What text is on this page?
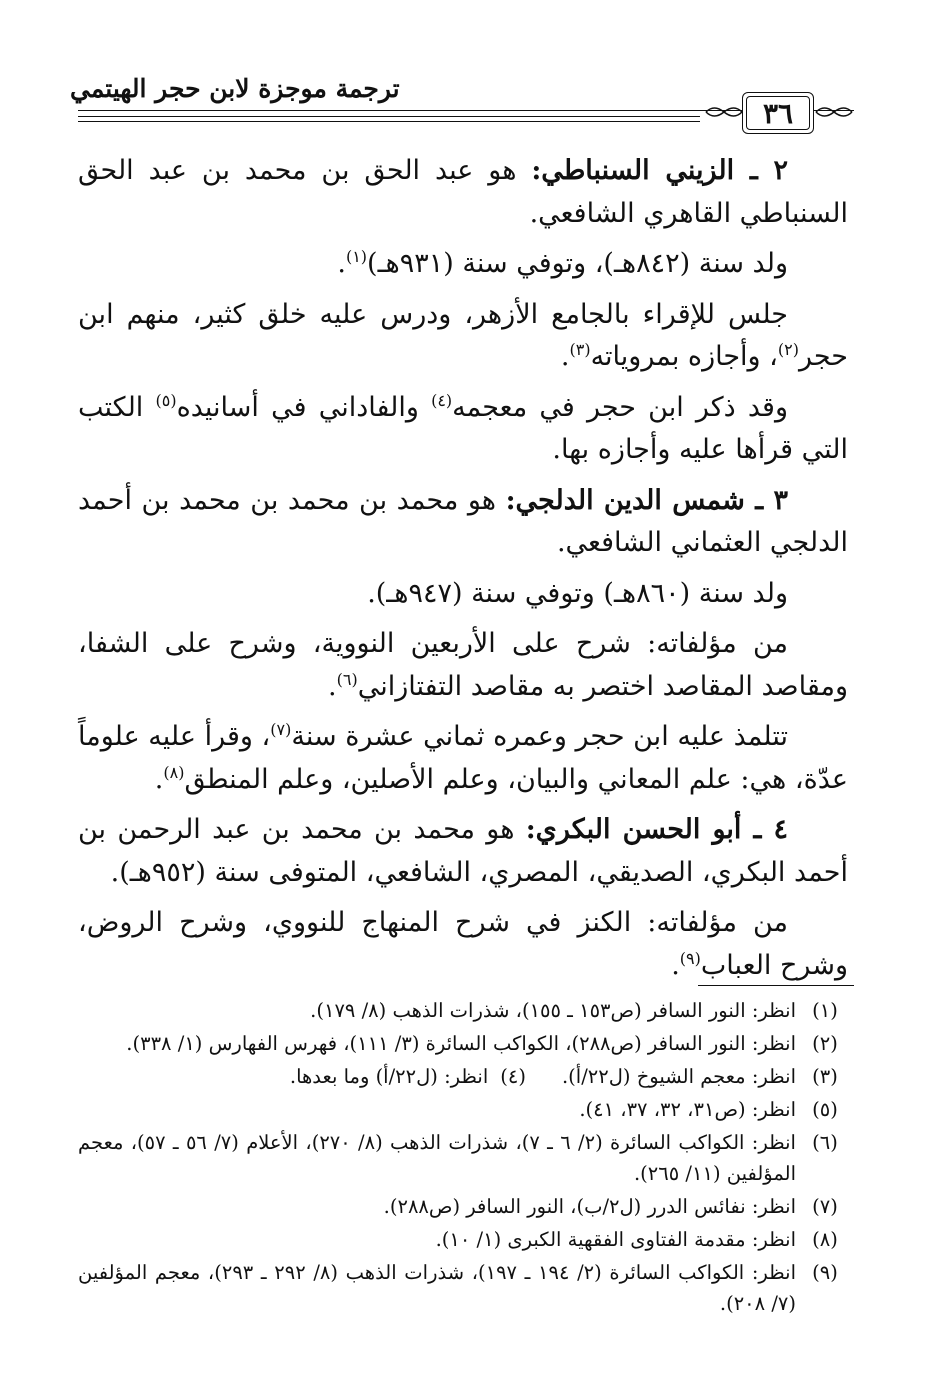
ترجمة موجزة لابن حجر الهيتمي
٣٦

٢ ـ الزيني السنباطي: هو عبد الحق بن محمد بن عبد الحق السنباطي القاهري الشافعي.

ولد سنة (٨٤٢هـ)، وتوفي سنة (٩٣١هـ)$^{(١)}$.

جلس للإقراء بالجامع الأزهر، ودرس عليه خلق كثير، منهم ابن حجر$^{(٢)}$، وأجازه بمروياته$^{(٣)}$.

وقد ذكر ابن حجر في معجمه$^{(٤)}$ والفاداني في أسانيده$^{(٥)}$ الكتب التي قرأها عليه وأجازه بها.

٣ ـ شمس الدين الدلجي: هو محمد بن محمد بن محمد بن أحمد الدلجي العثماني الشافعي.

ولد سنة (٨٦٠هـ) وتوفي سنة (٩٤٧هـ).

من مؤلفاته: شرح على الأربعين النووية، وشرح على الشفا، ومقاصد المقاصد اختصر به مقاصد التفتازاني$^{(٦)}$.

تتلمذ عليه ابن حجر وعمره ثماني عشرة سنة$^{(٧)}$، وقرأ عليه علوماً عدّة، هي: علم المعاني والبيان، وعلم الأصلين، وعلم المنطق$^{(٨)}$.

٤ ـ أبو الحسن البكري: هو محمد بن محمد بن عبد الرحمن بن أحمد البكري، الصديقي، المصري، الشافعي، المتوفى سنة (٩٥٢هـ).

من مؤلفاته: الكنز في شرح المنهاج للنووي، وشرح الروض، وشرح العباب$^{(٩)}$.

(١)
انظر: النور السافر (ص١٥٣ ـ ١٥٥)، شذرات الذهب (٨/ ١٧٩).
(٢)
انظر: النور السافر (ص٢٨٨)، الكواكب السائرة (٣/ ١١١)، فهرس الفهارس (١/ ٣٣٨).
(٣)
انظر: معجم الشيوخ (ل٢٢/أ).
(٤)
انظر: (ل٢٢/أ) وما بعدها.
(٥)
انظر: (ص٣١، ٣٢، ٣٧، ٤١).
(٦)
انظر: الكواكب السائرة (٢/ ٦ ـ ٧)، شذرات الذهب (٨/ ٢٧٠)، الأعلام (٧/ ٥٦ ـ ٥٧)، معجم المؤلفين (١١/ ٢٦٥).
(٧)
انظر: نفائس الدرر (ل٢/ب)، النور السافر (ص٢٨٨).
(٨)
انظر: مقدمة الفتاوى الفقهية الكبرى (١/ ١٠).
(٩)
انظر: الكواكب السائرة (٢/ ١٩٤ ـ ١٩٧)، شذرات الذهب (٨/ ٢٩٢ ـ ٢٩٣)، معجم المؤلفين (٧/ ٢٠٨).
